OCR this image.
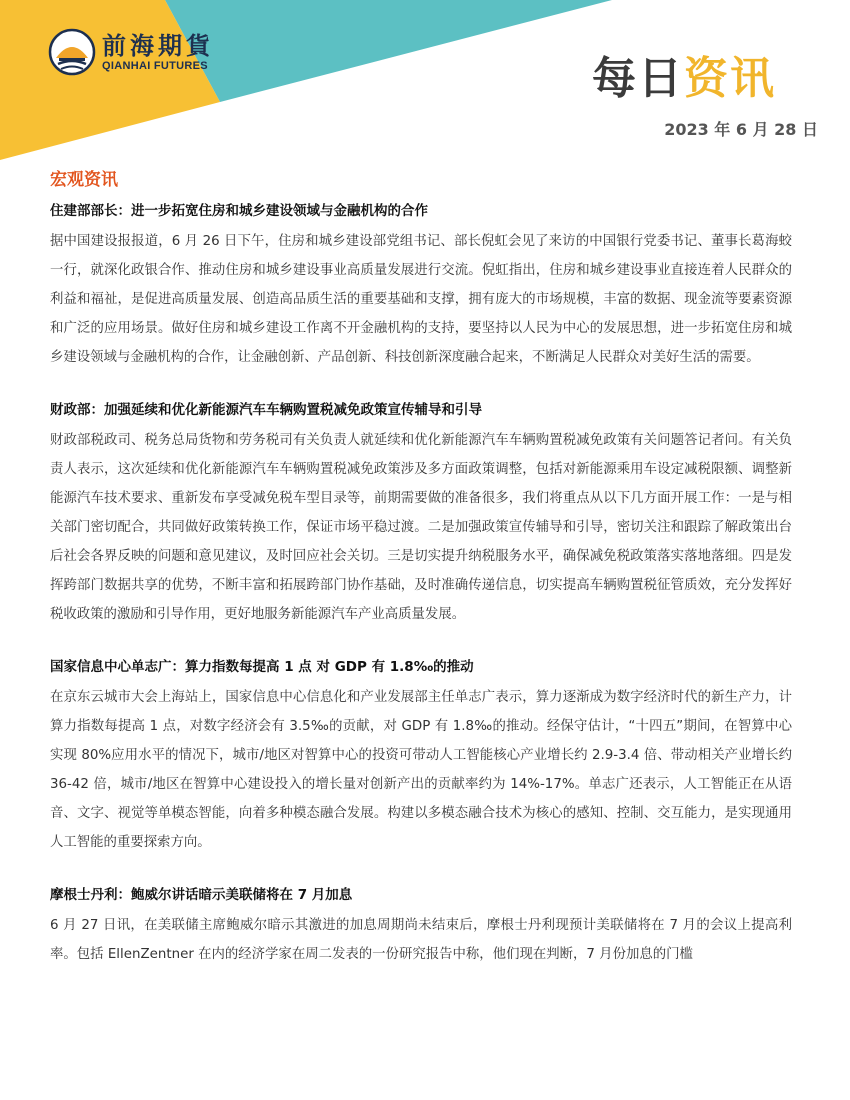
前海期貨
QIANHAI FUTURES	每日资讯
2023 年 6 月 28 日
宏观资讯
住建部部长：进一步拓宽住房和城乡建设领域与金融机构的合作

据中国建设报报道，6 月 26 日下午，住房和城乡建设部党组书记、部长倪虹会见了来访的中国银行党委书记、董事长葛海蛟一行，就深化政银合作、推动住房和城乡建设事业高质量发展进行交流。倪虹指出，住房和城乡建设事业直接连着人民群众的利益和福祉，是促进高质量发展、创造高品质生活的重要基础和支撑，拥有庞大的市场规模，丰富的数据、现金流等要素资源和广泛的应用场景。做好住房和城乡建设工作离不开金融机构的支持，要坚持以人民为中心的发展思想，进一步拓宽住房和城乡建设领域与金融机构的合作，让金融创新、产品创新、科技创新深度融合起来，不断满足人民群众对美好生活的需要。

财政部：加强延续和优化新能源汽车车辆购置税减免政策宣传辅导和引导

财政部税政司、税务总局货物和劳务税司有关负责人就延续和优化新能源汽车车辆购置税减免政策有关问题答记者问。有关负责人表示，这次延续和优化新能源汽车车辆购置税减免政策涉及多方面政策调整，包括对新能源乘用车设定减税限额、调整新能源汽车技术要求、重新发布享受减免税车型目录等，前期需要做的准备很多，我们将重点从以下几方面开展工作：一是与相关部门密切配合，共同做好政策转换工作，保证市场平稳过渡。二是加强政策宣传辅导和引导，密切关注和跟踪了解政策出台后社会各界反映的问题和意见建议，及时回应社会关切。三是切实提升纳税服务水平，确保减免税政策落实落地落细。四是发挥跨部门数据共享的优势，不断丰富和拓展跨部门协作基础，及时准确传递信息，切实提高车辆购置税征管质效，充分发挥好税收政策的激励和引导作用，更好地服务新能源汽车产业高质量发展。

国家信息中心单志广：算力指数每提高 1 点 对 GDP 有 1.8‰的推动

在京东云城市大会上海站上，国家信息中心信息化和产业发展部主任单志广表示，算力逐渐成为数字经济时代的新生产力，计算力指数每提高 1 点，对数字经济会有 3.5‰的贡献，对 GDP 有 1.8‰的推动。经保守估计，“十四五”期间，在智算中心实现 80%应用水平的情况下，城市/地区对智算中心的投资可带动人工智能核心产业增长约 2.9-3.4 倍、带动相关产业增长约 36-42 倍，城市/地区在智算中心建设投入的增长量对创新产出的贡献率约为 14%-17%。单志广还表示，人工智能正在从语音、文字、视觉等单模态智能，向着多种模态融合发展。构建以多模态融合技术为核心的感知、控制、交互能力，是实现通用人工智能的重要探索方向。

摩根士丹利：鲍威尔讲话暗示美联储将在 7 月加息

6 月 27 日讯，在美联储主席鲍威尔暗示其激进的加息周期尚未结束后，摩根士丹利现预计美联储将在 7 月的会议上提高利率。包括 EllenZentner 在内的经济学家在周二发表的一份研究报告中称，他们现在判断，7 月份加息的门槛
